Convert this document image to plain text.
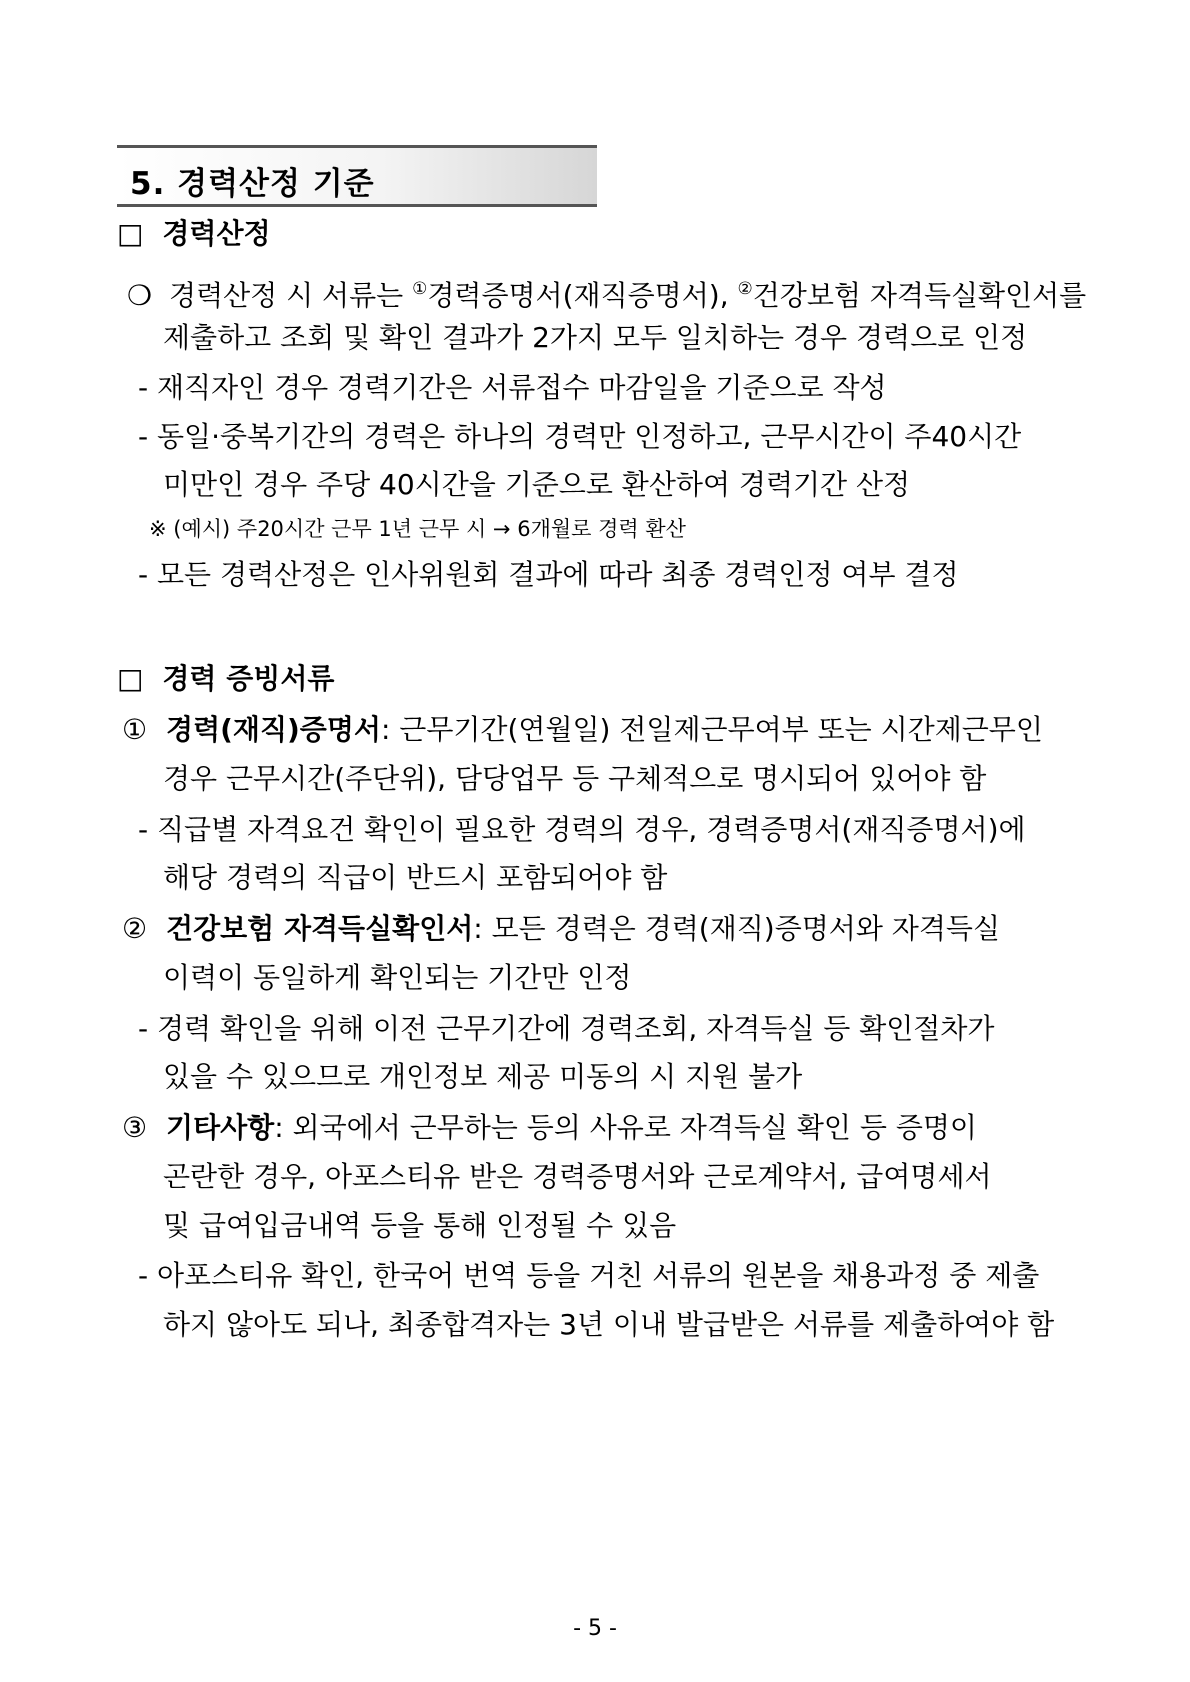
5. 경력산정 기준
□ 경력산정
❍ 경력산정 시 서류는 ①경력증명서(재직증명서), ②건강보험 자격득실확인서를
제출하고 조회 및 확인 결과가 2가지 모두 일치하는 경우 경력으로 인정
- 재직자인 경우 경력기간은 서류접수 마감일을 기준으로 작성
- 동일·중복기간의 경력은 하나의 경력만 인정하고, 근무시간이 주40시간
미만인 경우 주당 40시간을 기준으로 환산하여 경력기간 산정
※ (예시) 주20시간 근무 1년 근무 시 → 6개월로 경력 환산
- 모든 경력산정은 인사위원회 결과에 따라 최종 경력인정 여부 결정
□ 경력 증빙서류
① 경력(재직)증명서: 근무기간(연월일) 전일제근무여부 또는 시간제근무인
경우 근무시간(주단위), 담당업무 등 구체적으로 명시되어 있어야 함
- 직급별 자격요건 확인이 필요한 경력의 경우, 경력증명서(재직증명서)에
해당 경력의 직급이 반드시 포함되어야 함
② 건강보험 자격득실확인서: 모든 경력은 경력(재직)증명서와 자격득실
이력이 동일하게 확인되는 기간만 인정
- 경력 확인을 위해 이전 근무기간에 경력조회, 자격득실 등 확인절차가
있을 수 있으므로 개인정보 제공 미동의 시 지원 불가
③ 기타사항: 외국에서 근무하는 등의 사유로 자격득실 확인 등 증명이
곤란한 경우, 아포스티유 받은 경력증명서와 근로계약서, 급여명세서
및 급여입금내역 등을 통해 인정될 수 있음
- 아포스티유 확인, 한국어 번역 등을 거친 서류의 원본을 채용과정 중 제출
하지 않아도 되나, 최종합격자는 3년 이내 발급받은 서류를 제출하여야 함
- 5 -
